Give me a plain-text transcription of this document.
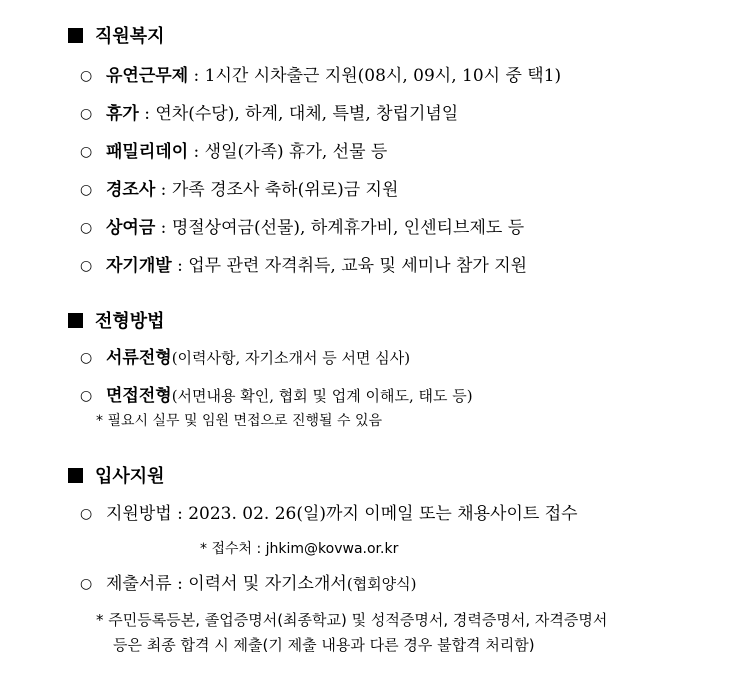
직원복지
○ 유연근무제 : 1시간 시차출근 지원(08시, 09시, 10시 중 택1)
○ 휴가 : 연차(수당), 하계, 대체, 특별, 창립기념일
○ 패밀리데이 : 생일(가족) 휴가, 선물 등
○ 경조사 : 가족 경조사 축하(위로)금 지원
○ 상여금 : 명절상여금(선물), 하계휴가비, 인센티브제도 등
○ 자기개발 : 업무 관련 자격취득, 교육 및 세미나 참가 지원
전형방법
○ 서류전형(이력사항, 자기소개서 등 서면 심사)
○ 면접전형(서면내용 확인, 협회 및 업계 이해도, 태도 등)
* 필요시 실무 및 임원 면접으로 진행될 수 있음
입사지원
○ 지원방법 : 2023. 02. 26(일)까지 이메일 또는 채용사이트 접수
* 접수처 : jhkim@kovwa.or.kr
○ 제출서류 : 이력서 및 자기소개서(협회양식)
* 주민등록등본, 졸업증명서(최종학교) 및 성적증명서, 경력증명서, 자격증명서
등은 최종 합격 시 제출(기 제출 내용과 다른 경우 불합격 처리함)
